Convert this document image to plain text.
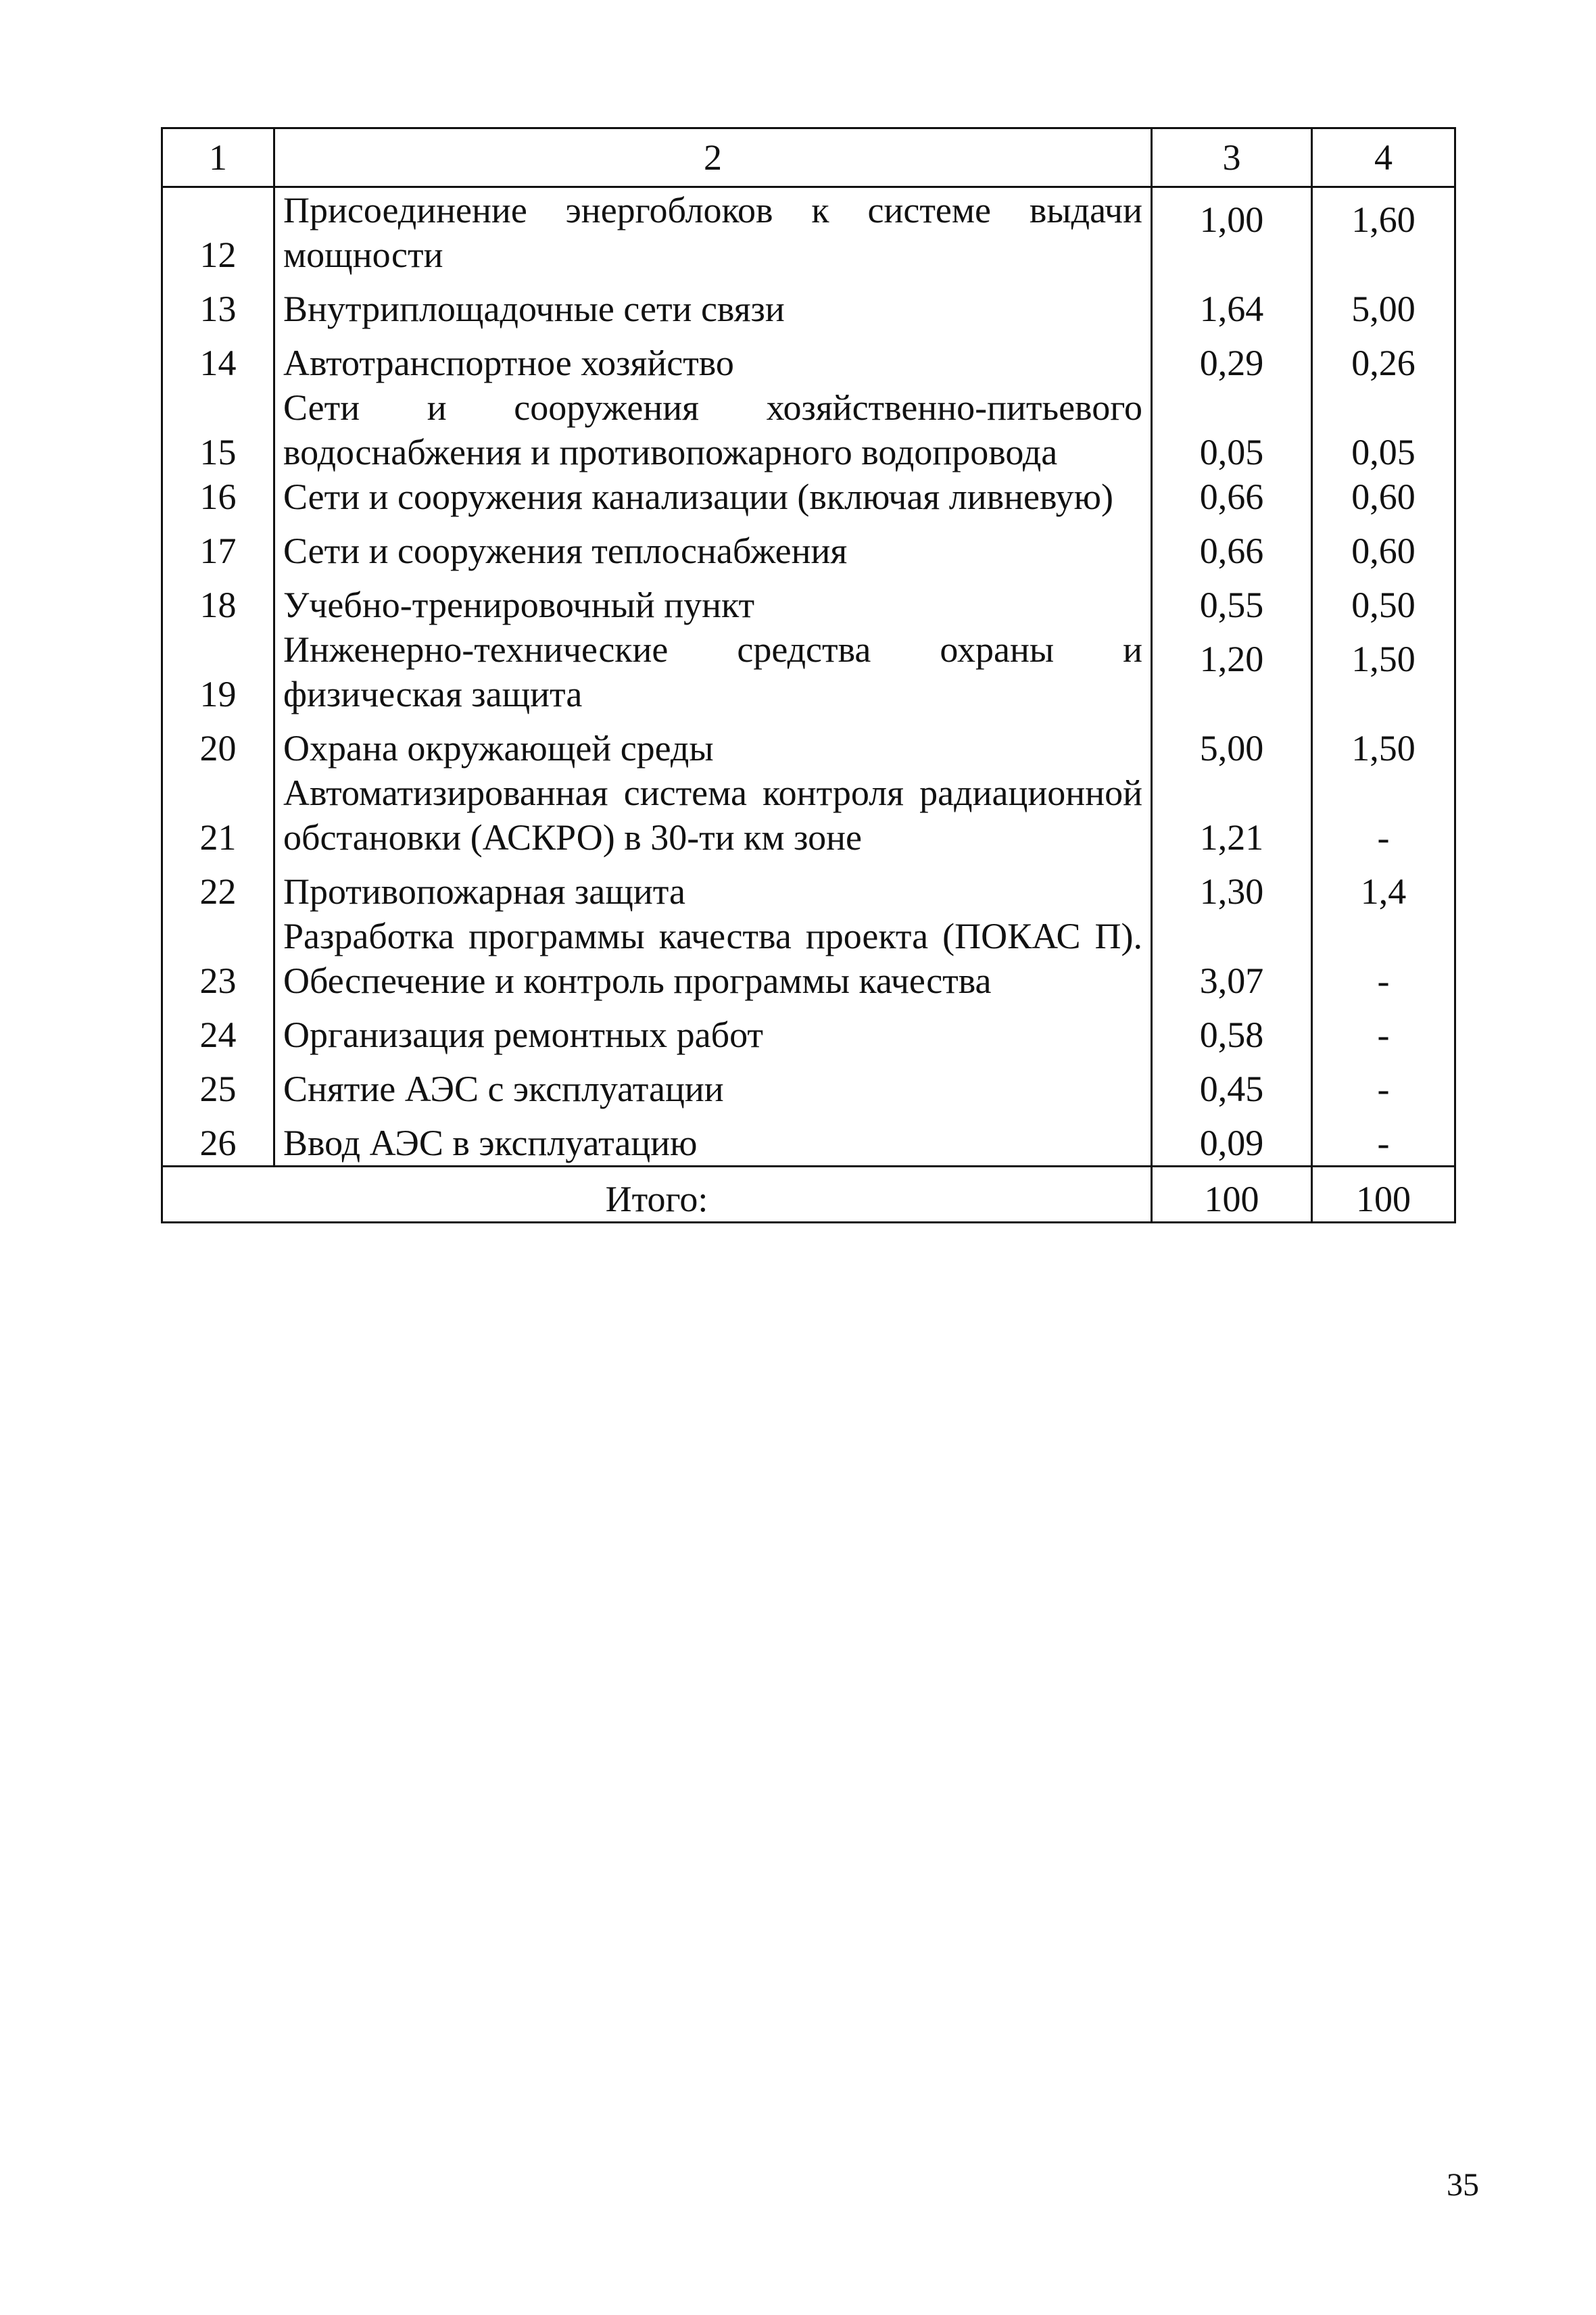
1	2	3	4
12	Присоединение энергоблоков к системе выдачи мощности	1,00	1,60
13	Внутриплощадочные сети связи	1,64	5,00
14	Автотранспортное хозяйство	0,29	0,26
15	Сети и сооружения хозяйственно-питьевого водоснабжения и противопожарного водопровода	0,05	0,05
16	Сети и сооружения канализации (включая ливневую)	0,66	0,60
17	Сети и сооружения теплоснабжения	0,66	0,60
18	Учебно-тренировочный пункт	0,55	0,50
19	Инженерно-технические средства охраны и физическая защита	1,20	1,50
20	Охрана окружающей среды	5,00	1,50
21	Автоматизированная система контроля радиационной обстановки (АСКРО) в 30-ти км зоне	1,21	-
22	Противопожарная защита	1,30	1,4
23	Разработка программы качества проекта (ПОКАС П). Обеспечение и контроль программы качества	3,07	-
24	Организация ремонтных работ	0,58	-
25	Снятие АЭС с эксплуатации	0,45	-
26	Ввод АЭС в эксплуатацию	0,09	-
Итого:		100	100
35
